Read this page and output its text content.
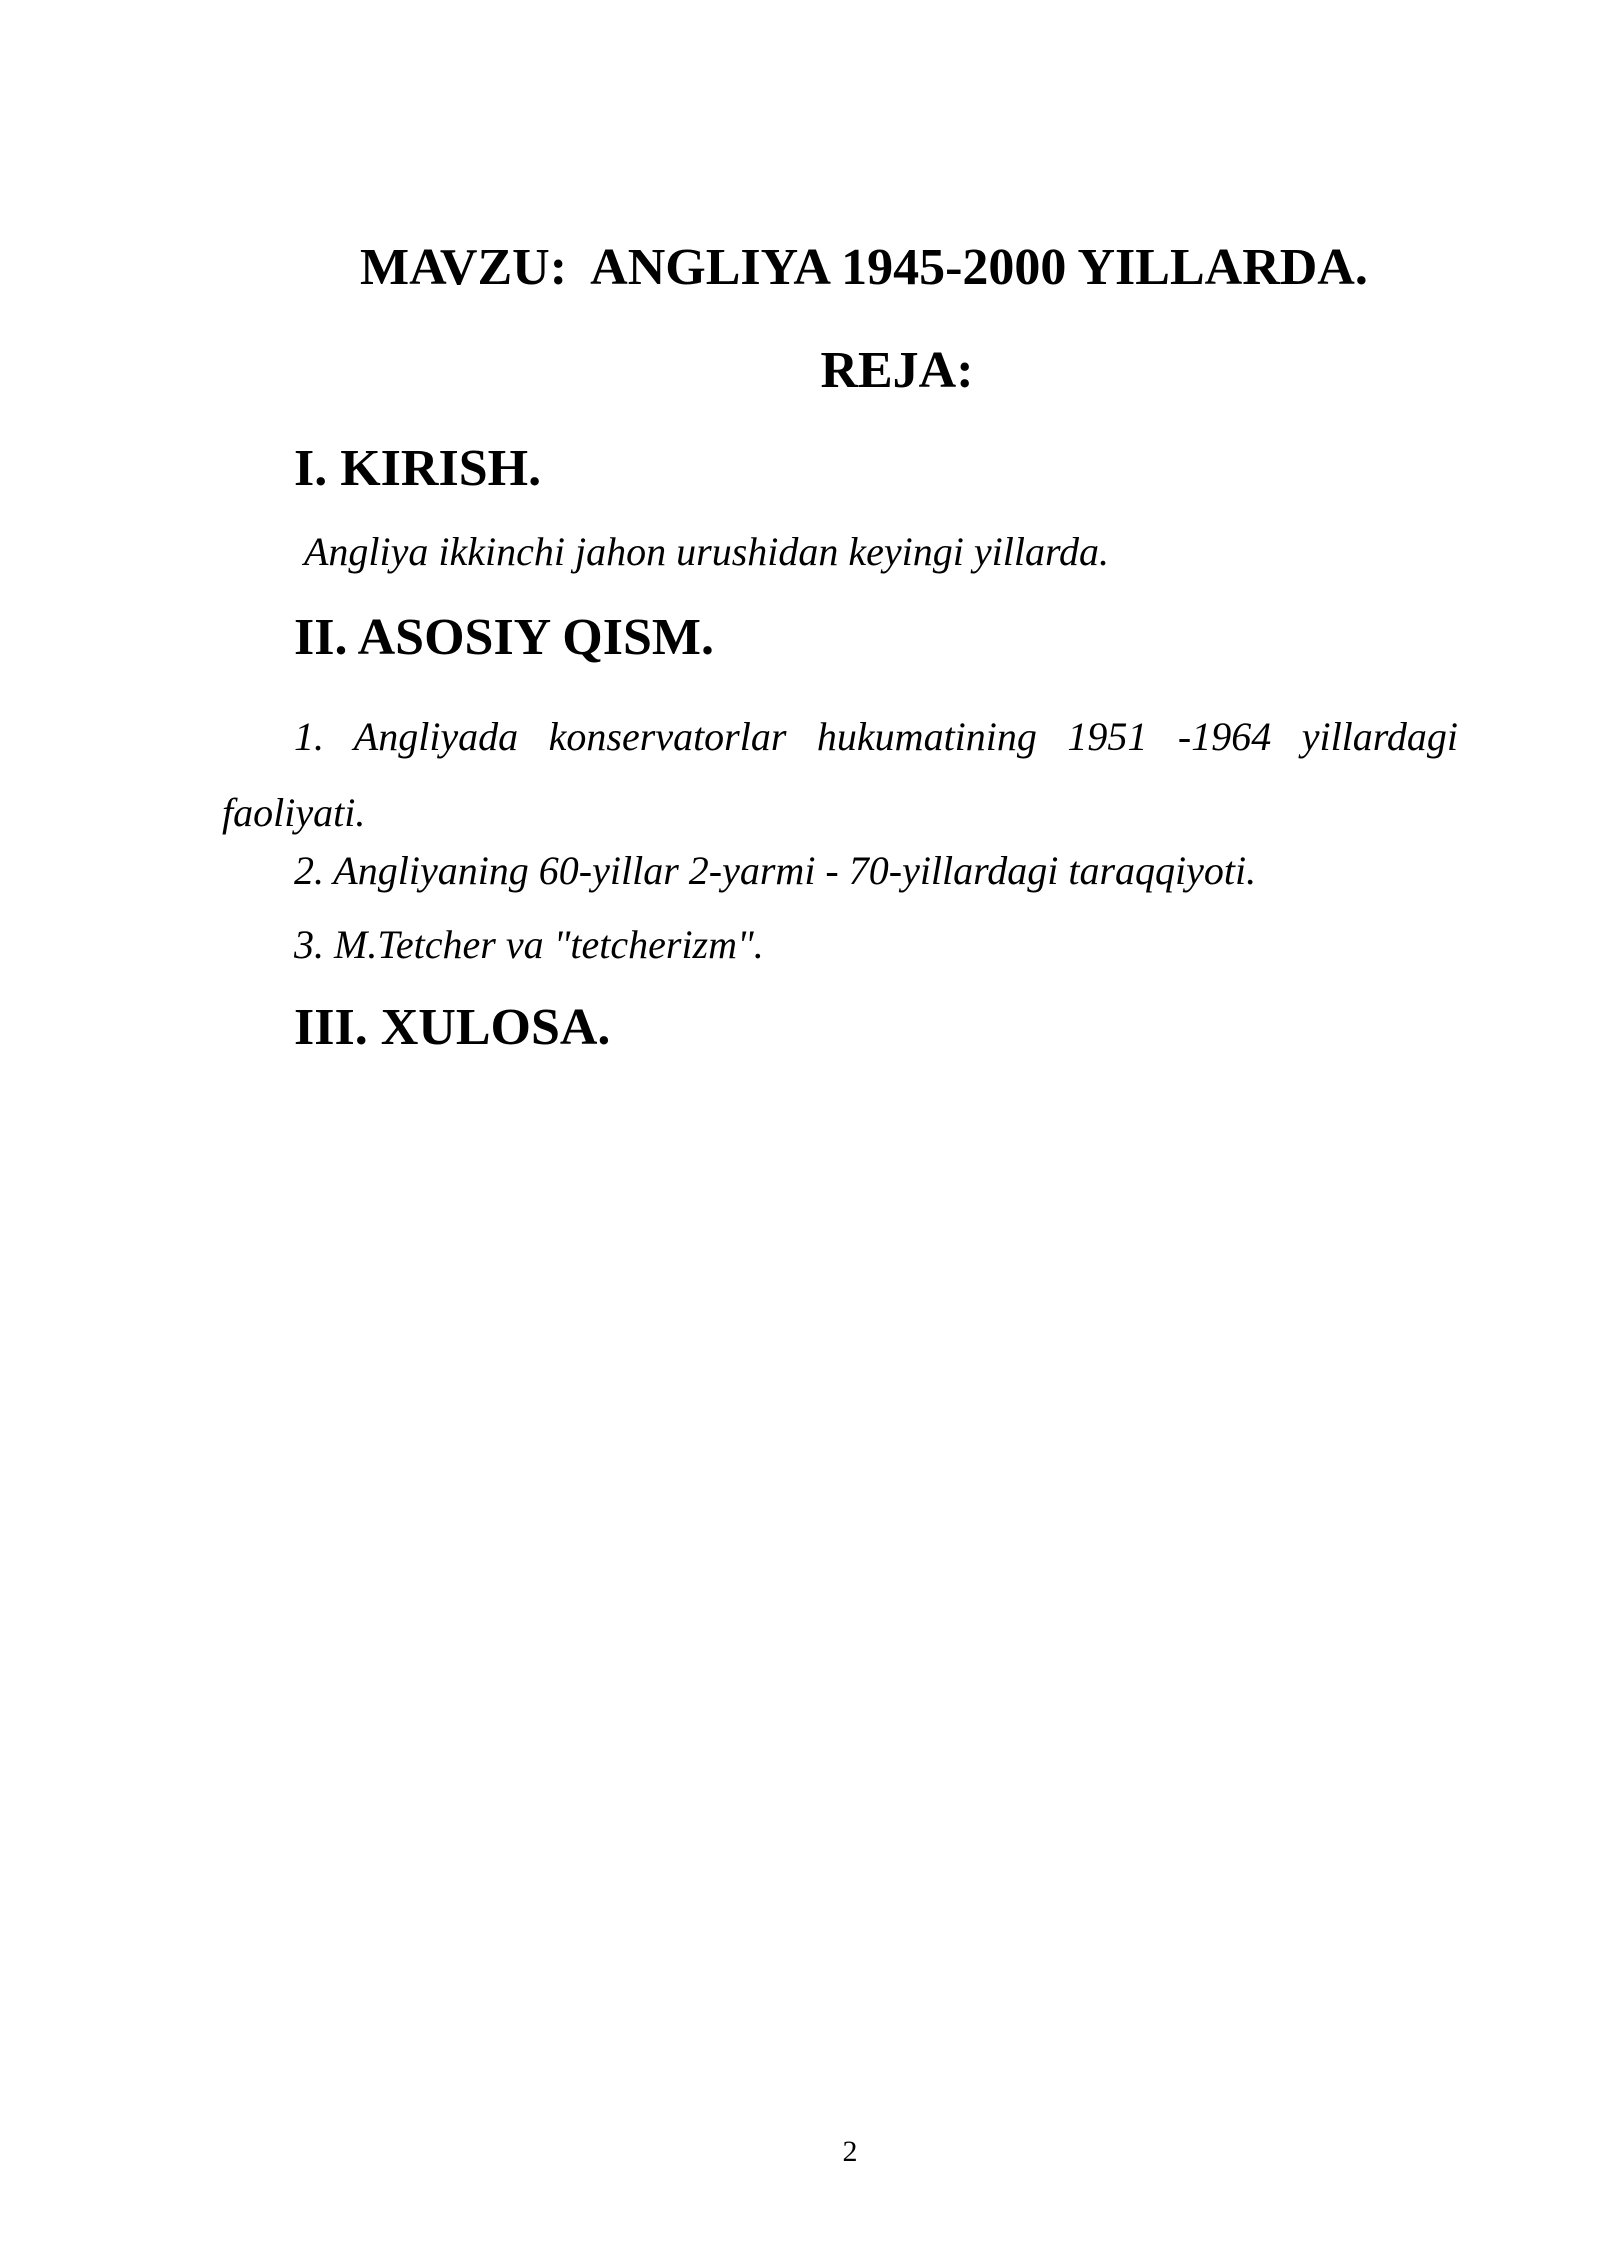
MAVZU:  ANGLIYA 1945-2000 YILLARDA.
REJA:
I. KIRISH.
Angliya ikkinchi jahon urushidan keyingi yillarda.
II. ASOSIY QISM.
1. Angliyada konservatorlar hukumatining 1951 -1964 yillardagi faoliyati.
2. Angliyaning 60-yillar 2-yarmi - 70-yillardagi taraqqiyoti.
3. M.Tetcher va "tetcherizm".
III. XULOSA.
2
